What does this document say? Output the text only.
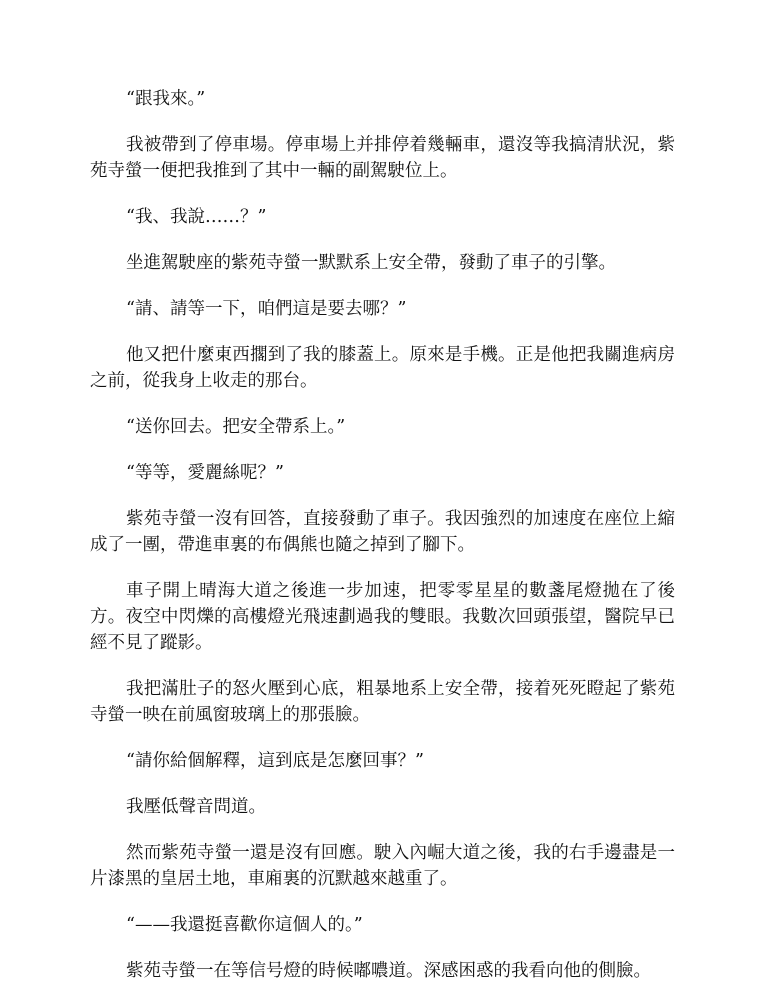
“跟我來。”

我被帶到了停車場。停車場上并排停着幾輛車，還沒等我搞清狀況，紫苑寺螢一便把我推到了其中一輛的副駕駛位上。

“我、我說……？”

坐進駕駛座的紫苑寺螢一默默系上安全帶，發動了車子的引擎。

“請、請等一下，咱們這是要去哪？”

他又把什麼東西擱到了我的膝蓋上。原來是手機。正是他把我關進病房之前，從我身上收走的那台。

“送你回去。把安全帶系上。”

“等等，愛麗絲呢？”

紫苑寺螢一沒有回答，直接發動了車子。我因強烈的加速度在座位上縮成了一團，帶進車裏的布偶熊也隨之掉到了腳下。

車子開上晴海大道之後進一步加速，把零零星星的數盞尾燈拋在了後方。夜空中閃爍的高樓燈光飛速劃過我的雙眼。我數次回頭張望，醫院早已經不見了蹤影。

我把滿肚子的怒火壓到心底，粗暴地系上安全帶，接着死死瞪起了紫苑寺螢一映在前風窗玻璃上的那張臉。

“請你給個解釋，這到底是怎麼回事？”

我壓低聲音問道。

然而紫苑寺螢一還是沒有回應。駛入內崛大道之後，我的右手邊盡是一片漆黑的皇居土地，車廂裏的沉默越來越重了。

“——我還挺喜歡你這個人的。”

紫苑寺螢一在等信号燈的時候嘟噥道。深感困惑的我看向他的側臉。
